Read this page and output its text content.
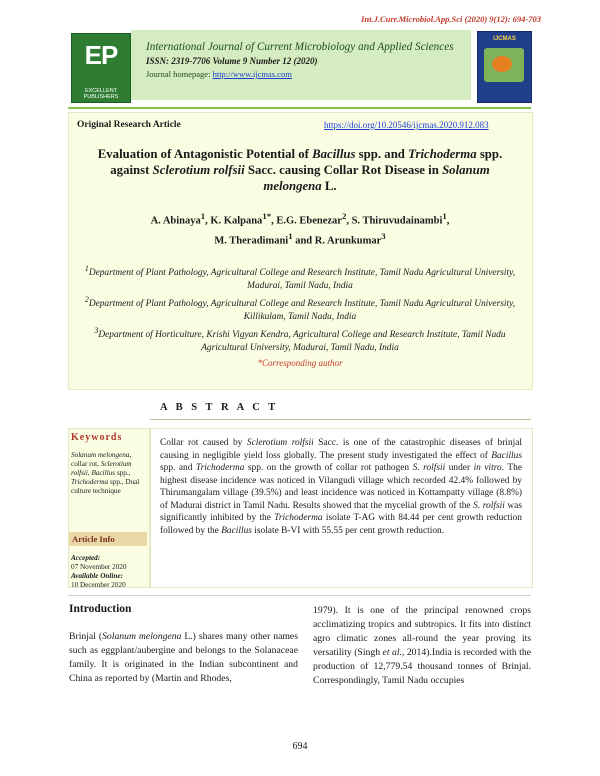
Int.J.Curr.Microbiol.App.Sci (2020) 9(12): 694-703
EP
EXCELLENT PUBLISHERS
International Journal of Current Microbiology and Applied Sciences
ISSN: 2319-7706 Volume 9 Number 12 (2020)
Journal homepage: http://www.ijcmas.com
IJCMAS
Original Research Article	https://doi.org/10.20546/ijcmas.2020.912.083
Evaluation of Antagonistic Potential of Bacillus spp. and Trichoderma spp. against Sclerotium rolfsii Sacc. causing Collar Rot Disease in Solanum melongena L.
A. Abinaya$^1$, K. Kalpana$^{1*}$, E.G. Ebenezar$^2$, S. Thiruvudainambi$^1$,
M. Theradimani$^1$ and R. Arunkumar$^3$

$^1$Department of Plant Pathology, Agricultural College and Research Institute, Tamil Nadu Agricultural University, Madurai, Tamil Nadu, India

$^2$Department of Plant Pathology, Agricultural College and Research Institute, Tamil Nadu Agricultural University, Killikulam, Tamil Nadu, India

$^3$Department of Horticulture, Krishi Vigyan Kendra, Agricultural College and Research Institute, Tamil Nadu Agricultural University, Madurai, Tamil Nadu, India

*Corresponding author
A B S T R A C T
Keywords
Solanum melongena, collar rot, Sclerotium rolfsii, Bacillus spp., Trichoderma spp., Dual culture technique
Article Info
Accepted:
07 November 2020
Available Online:
10 December 2020
Collar rot caused by Sclerotium rolfsii Sacc. is one of the catastrophic diseases of brinjal causing in negligible yield loss globally. The present study investigated the effect of Bacillus spp. and Trichoderma spp. on the growth of collar rot pathogen S. rolfsii under in vitro. The highest disease incidence was noticed in Vilangudi village which recorded 42.4% followed by Thirumangalam village (39.5%) and least incidence was noticed in Kottampatty village (8.8%) of Madurai district in Tamil Nadu. Results showed that the mycelial growth of the S. rolfsii was significantly inhibited by the Trichoderma isolate T-AG with 84.44 per cent growth reduction followed by the Bacillus isolate B-VI with 55.55 per cent growth reduction.
Introduction
Brinjal (Solanum melongena L.) shares many other names such as eggplant/aubergine and belongs to the Solanaceae family. It is originated in the Indian subcontinent and China as reported by (Martin and Rhodes,
1979). It is one of the principal renowned crops acclimatizing tropics and subtropics. It fits into distinct agro climatic zones all-round the year proving its versatility (Singh et al., 2014).India is recorded with the production of 12,779.54 thousand tonnes of Brinjal. Correspondingly, Tamil Nadu occupies
694
